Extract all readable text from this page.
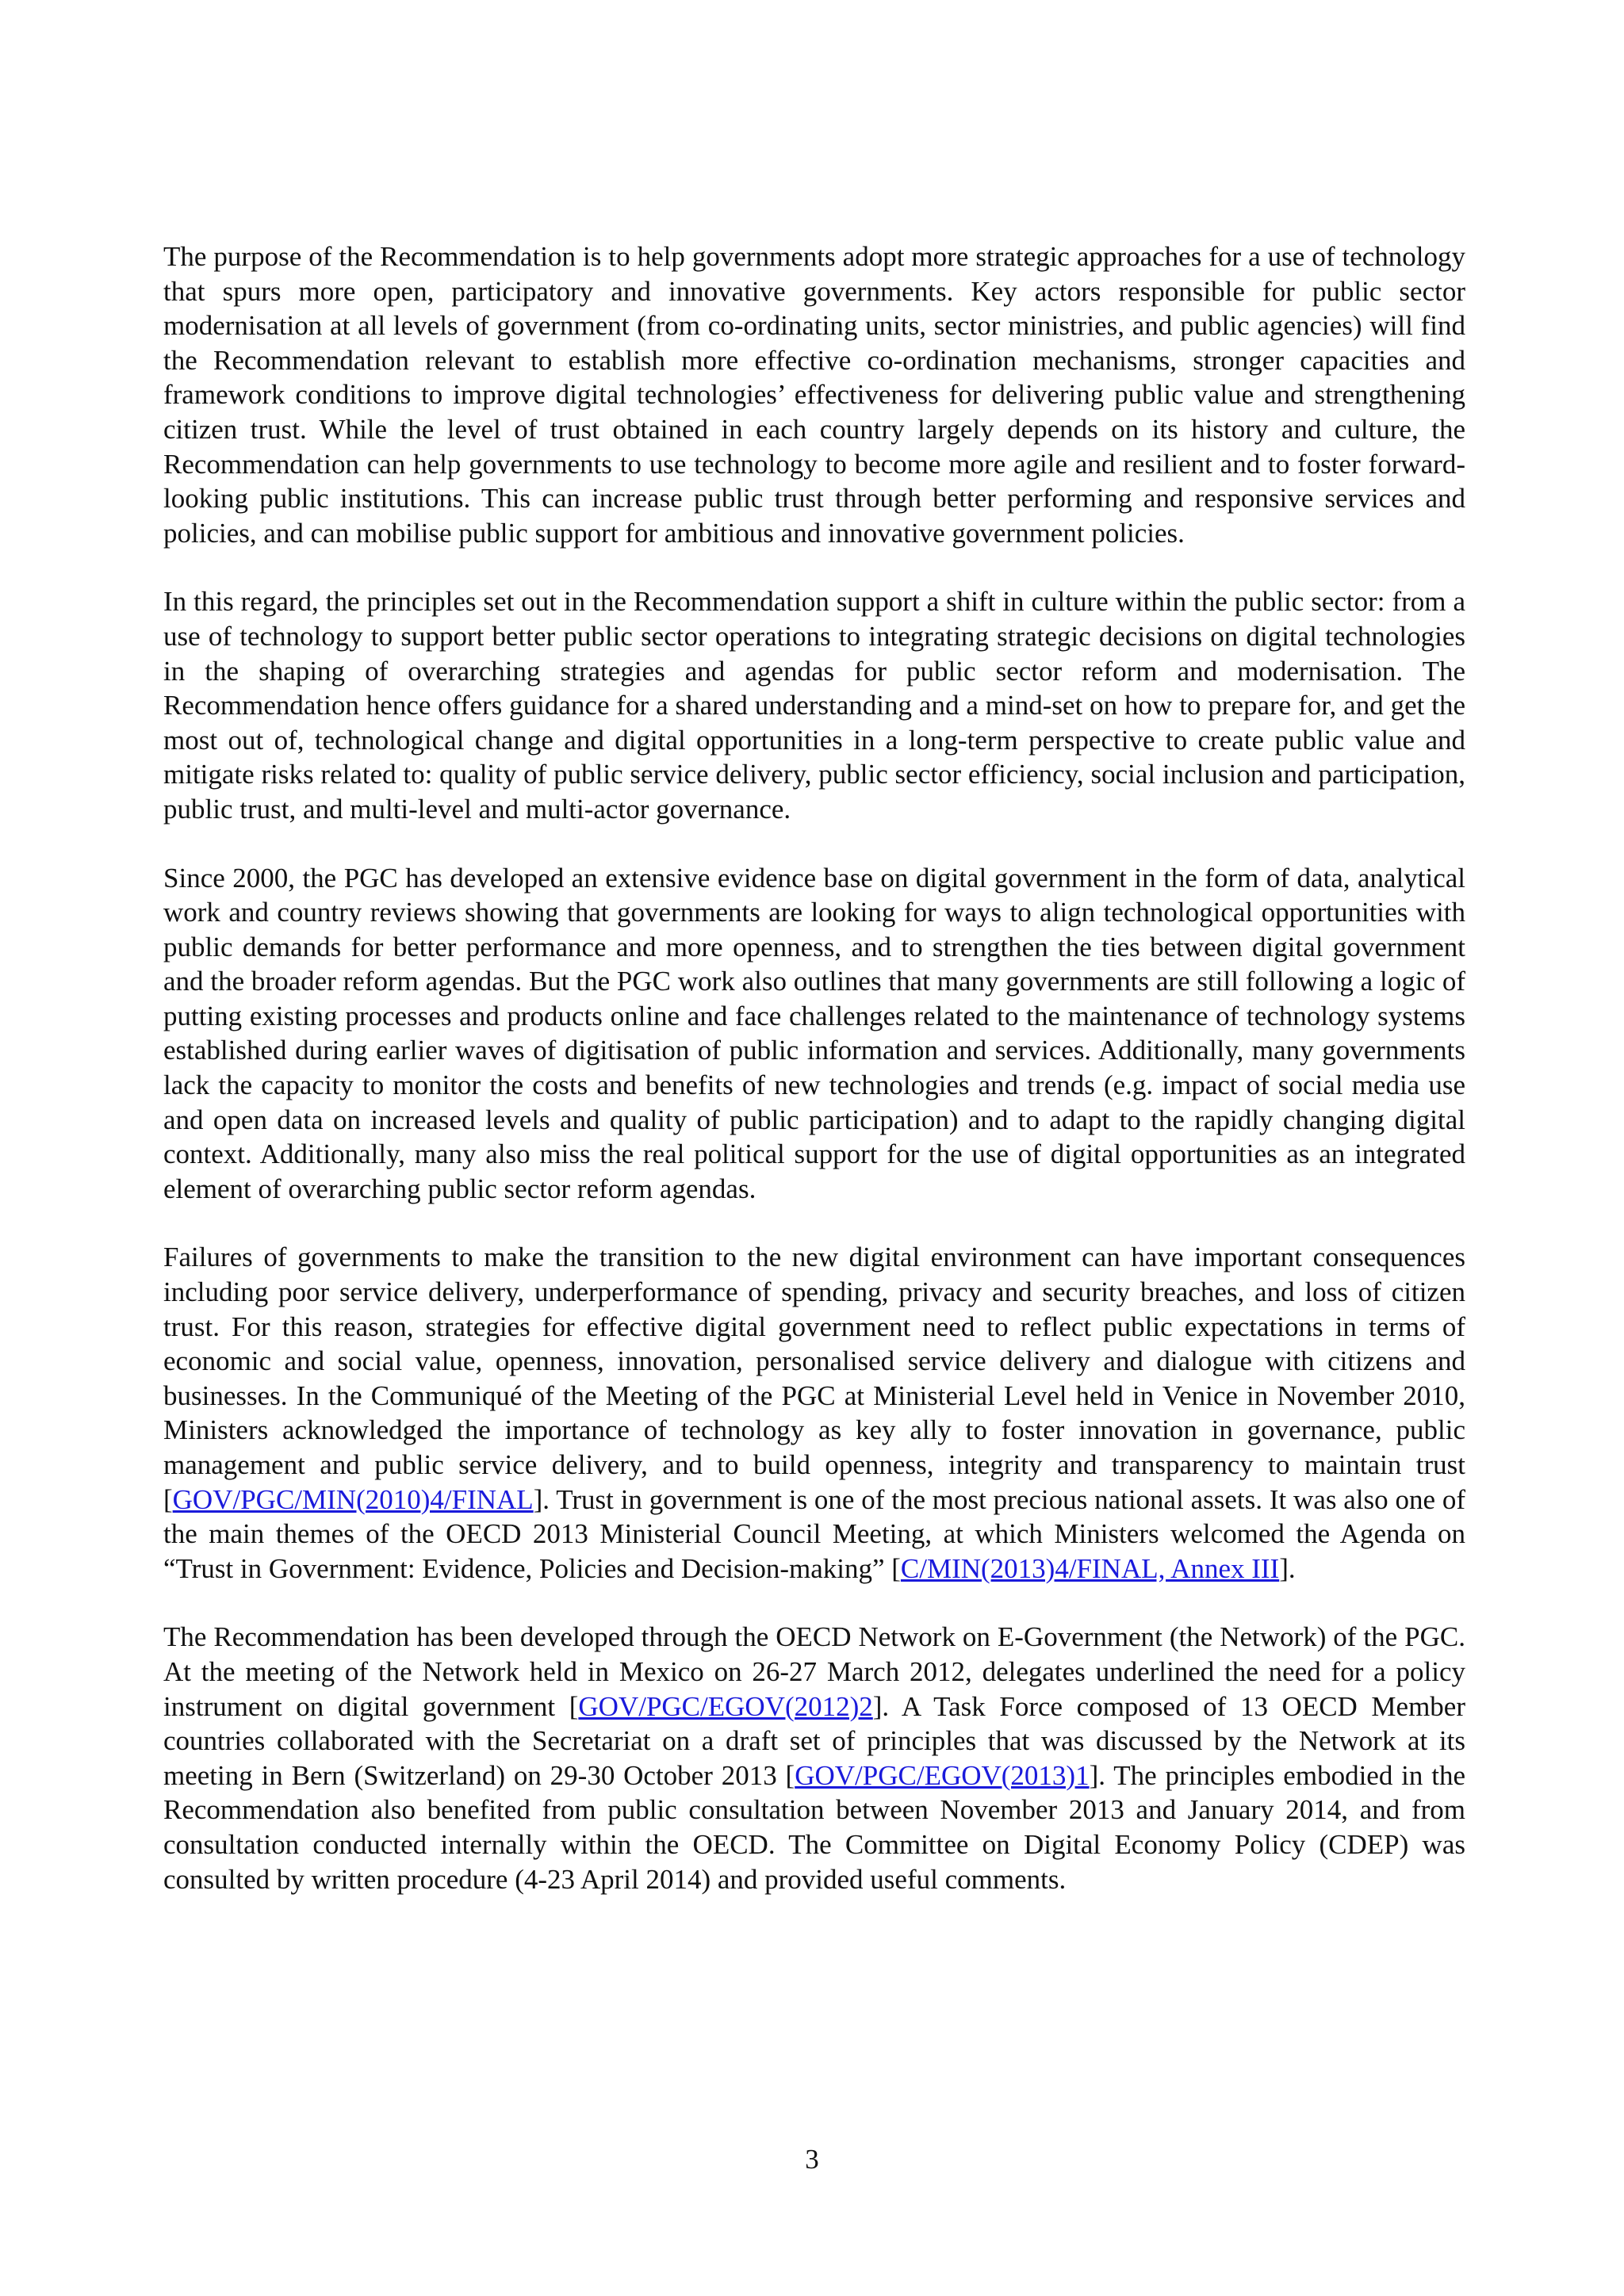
The purpose of the Recommendation is to help governments adopt more strategic approaches for a use of technology that spurs more open, participatory and innovative governments. Key actors responsible for public sector modernisation at all levels of government (from co-ordinating units, sector ministries, and public agencies) will find the Recommendation relevant to establish more effective co-ordination mechanisms, stronger capacities and framework conditions to improve digital technologies’ effectiveness for delivering public value and strengthening citizen trust. While the level of trust obtained in each country largely depends on its history and culture, the Recommendation can help governments to use technology to become more agile and resilient and to foster forward-looking public institutions. This can increase public trust through better performing and responsive services and policies, and can mobilise public support for ambitious and innovative government policies.

In this regard, the principles set out in the Recommendation support a shift in culture within the public sector: from a use of technology to support better public sector operations to integrating strategic decisions on digital technologies in the shaping of overarching strategies and agendas for public sector reform and modernisation. The Recommendation hence offers guidance for a shared understanding and a mind-set on how to prepare for, and get the most out of, technological change and digital opportunities in a long-term perspective to create public value and mitigate risks related to: quality of public service delivery, public sector efficiency, social inclusion and participation, public trust, and multi-level and multi-actor governance.

Since 2000, the PGC has developed an extensive evidence base on digital government in the form of data, analytical work and country reviews showing that governments are looking for ways to align technological opportunities with public demands for better performance and more openness, and to strengthen the ties between digital government and the broader reform agendas. But the PGC work also outlines that many governments are still following a logic of putting existing processes and products online and face challenges related to the maintenance of technology systems established during earlier waves of digitisation of public information and services. Additionally, many governments lack the capacity to monitor the costs and benefits of new technologies and trends (e.g. impact of social media use and open data on increased levels and quality of public participation) and to adapt to the rapidly changing digital context. Additionally, many also miss the real political support for the use of digital opportunities as an integrated element of overarching public sector reform agendas.

Failures of governments to make the transition to the new digital environment can have important consequences including poor service delivery, underperformance of spending, privacy and security breaches, and loss of citizen trust. For this reason, strategies for effective digital government need to reflect public expectations in terms of economic and social value, openness, innovation, personalised service delivery and dialogue with citizens and businesses. In the Communiqué of the Meeting of the PGC at Ministerial Level held in Venice in November 2010, Ministers acknowledged the importance of technology as key ally to foster innovation in governance, public management and public service delivery, and to build openness, integrity and transparency to maintain trust [GOV/PGC/MIN(2010)4/FINAL]. Trust in government is one of the most precious national assets. It was also one of the main themes of the OECD 2013 Ministerial Council Meeting, at which Ministers welcomed the Agenda on “Trust in Government: Evidence, Policies and Decision-making” [C/MIN(2013)4/FINAL, Annex III].

The Recommendation has been developed through the OECD Network on E-Government (the Network) of the PGC. At the meeting of the Network held in Mexico on 26-27 March 2012, delegates underlined the need for a policy instrument on digital government [GOV/PGC/EGOV(2012)2]. A Task Force composed of 13 OECD Member countries collaborated with the Secretariat on a draft set of principles that was discussed by the Network at its meeting in Bern (Switzerland) on 29-30 October 2013 [GOV/PGC/EGOV(2013)1]. The principles embodied in the Recommendation also benefited from public consultation between November 2013 and January 2014, and from consultation conducted internally within the OECD. The Committee on Digital Economy Policy (CDEP) was consulted by written procedure (4-23 April 2014) and provided useful comments.

3
